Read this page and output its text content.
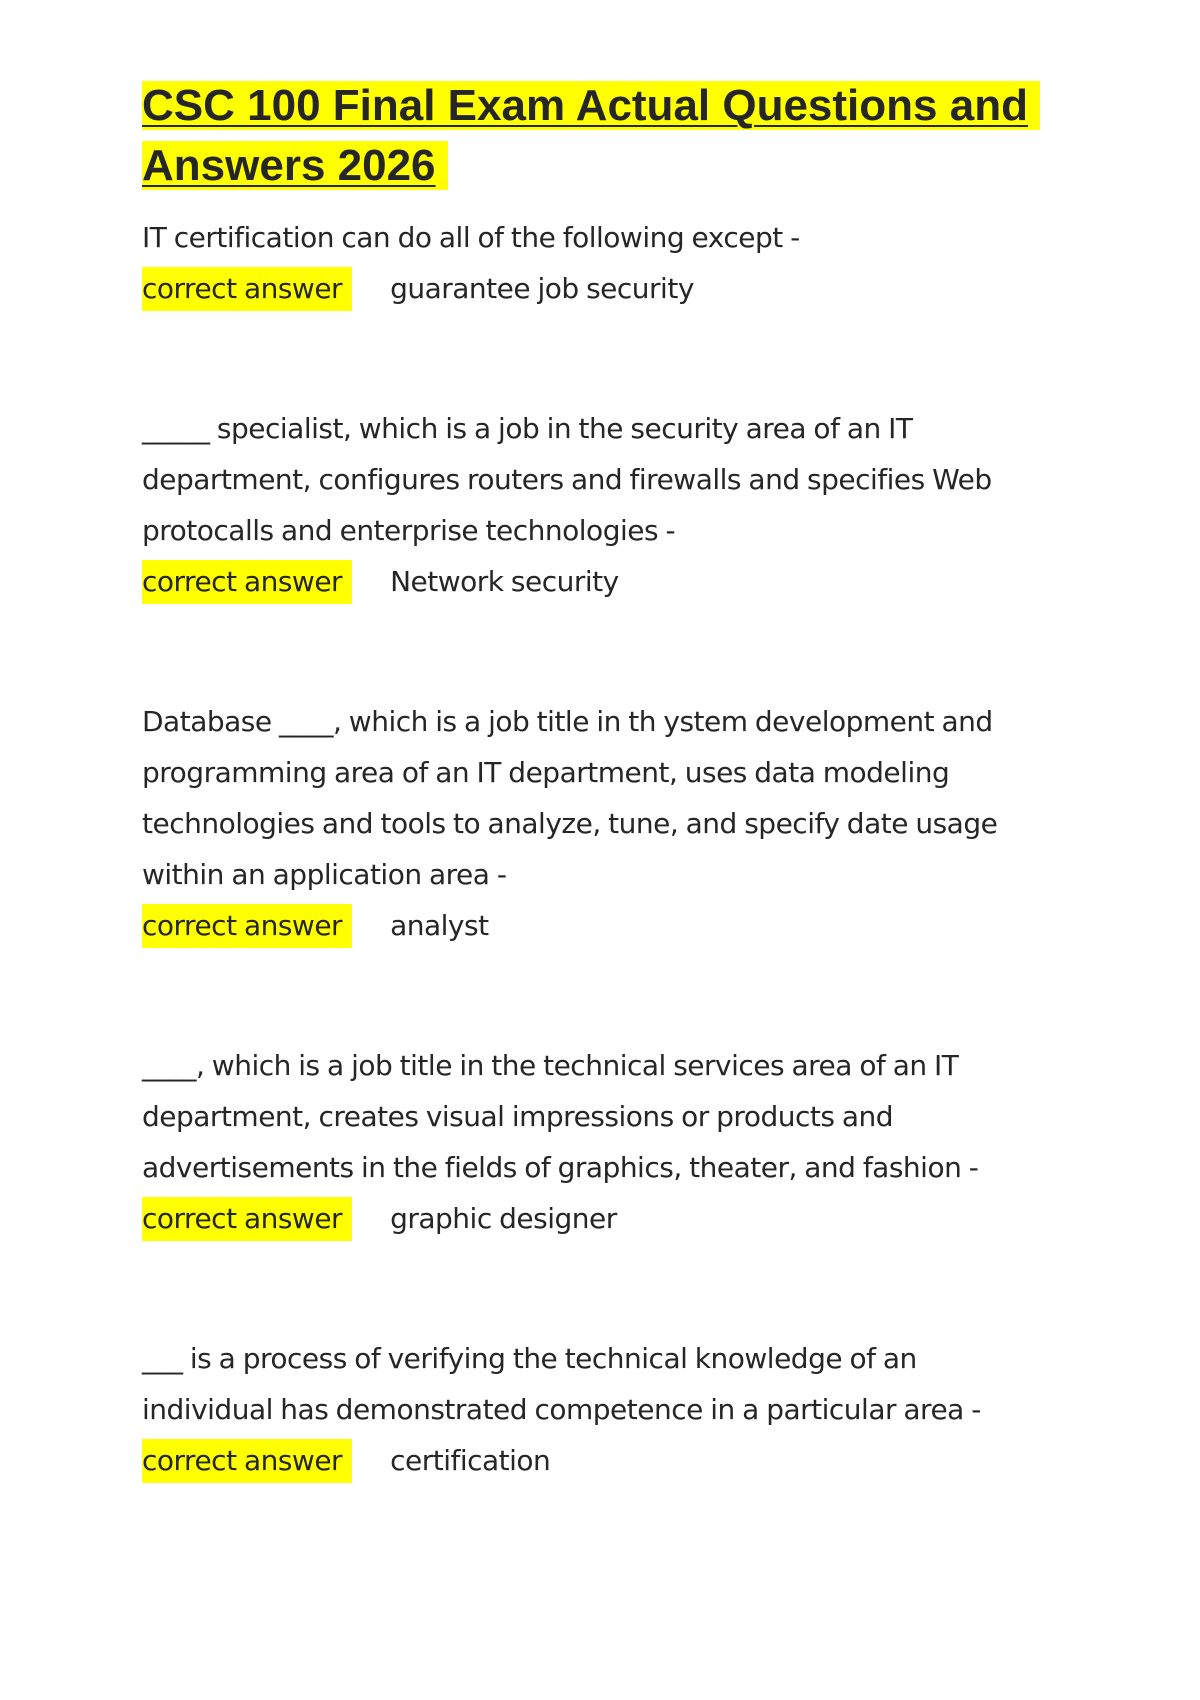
CSC 100 Final Exam Actual Questions and Answers 2026

IT certification can do all of the following except -

correct answer guarantee job security

_____ specialist, which is a job in the security area of an IT department, configures routers and firewalls and specifies Web protocalls and enterprise technologies -

correct answer Network security

Database ____, which is a job title in th ystem development and programming area of an IT department, uses data modeling technologies and tools to analyze, tune, and specify date usage within an application area -

correct answer analyst

____, which is a job title in the technical services area of an IT department, creates visual impressions or products and advertisements in the fields of graphics, theater, and fashion -

correct answer graphic designer

___ is a process of verifying the technical knowledge of an individual has demonstrated competence in a particular area -

correct answer certification
